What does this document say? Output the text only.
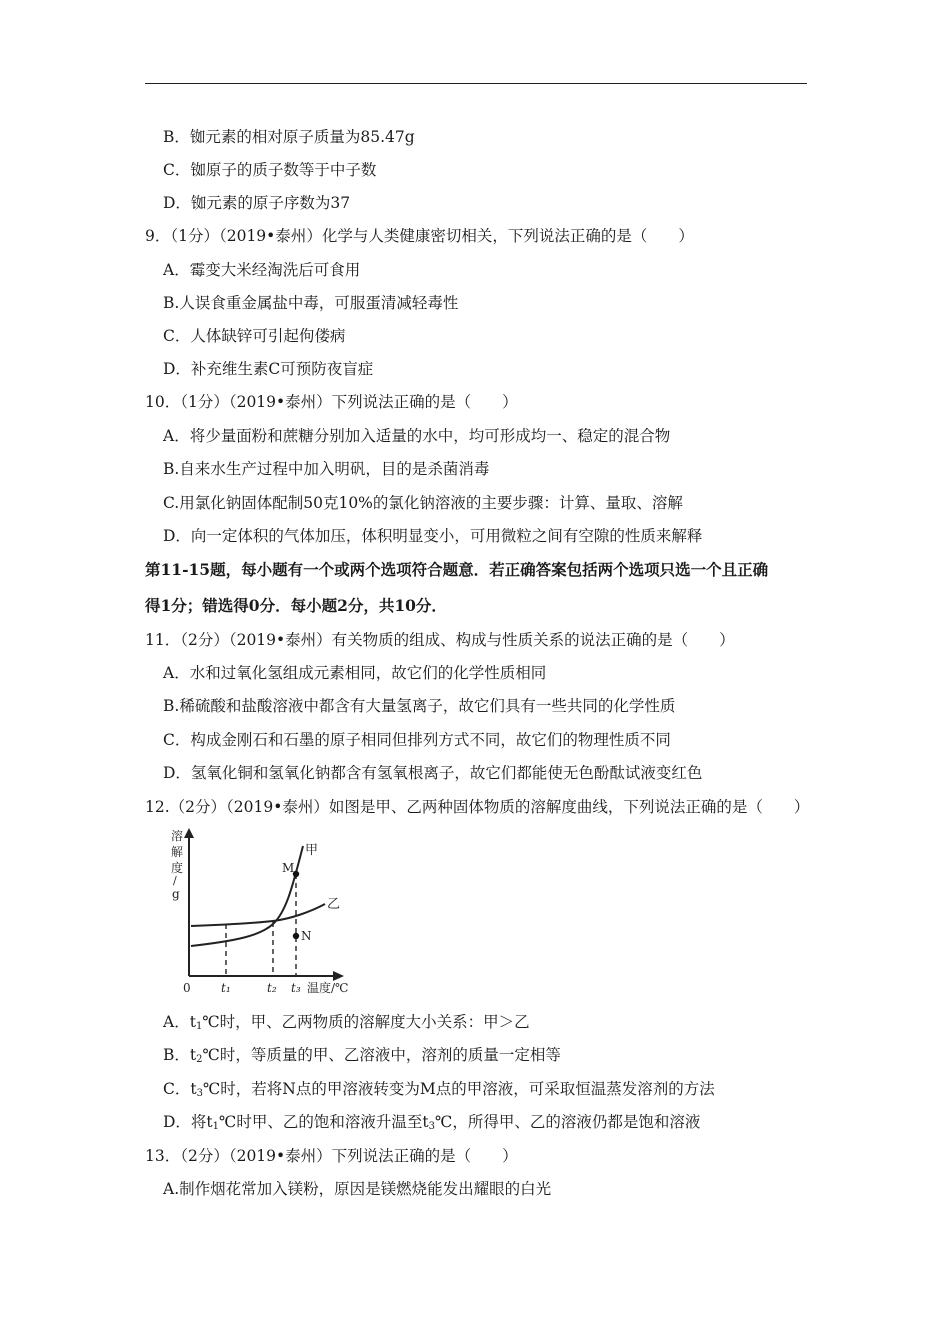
B．铷元素的相对原子质量为85.47g
C．铷原子的质子数等于中子数
D．铷元素的原子序数为37
9．（1分）（2019•泰州）化学与人类健康密切相关，下列说法正确的是（　　）
A．霉变大米经淘洗后可食用
B.人误食重金属盐中毒，可服蛋清减轻毒性
C．人体缺锌可引起佝偻病
D．补充维生素C可预防夜盲症
10．（1分）（2019•泰州）下列说法正确的是（　　）
A．将少量面粉和蔗糖分别加入适量的水中，均可形成均一、稳定的混合物
B.自来水生产过程中加入明矾，目的是杀菌消毒
C.用氯化钠固体配制50克10%的氯化钠溶液的主要步骤：计算、量取、溶解
D．向一定体积的气体加压，体积明显变小，可用微粒之间有空隙的性质来解释
第11-15题，每小题有一个或两个选项符合题意．若正确答案包括两个选项只选一个且正确
得1分；错选得0分．每小题2分，共10分．
11．（2分）（2019•泰州）有关物质的组成、构成与性质关系的说法正确的是（　　）
A．水和过氧化氢组成元素相同，故它们的化学性质相同
B.稀硫酸和盐酸溶液中都含有大量氢离子，故它们具有一些共同的化学性质
C．构成金刚石和石墨的原子相同但排列方式不同，故它们的物理性质不同
D．氢氧化铜和氢氧化钠都含有氢氧根离子，故它们都能使无色酚酞试液变红色
12.（2分）（2019•泰州）如图是甲、乙两种固体物质的溶解度曲线，下列说法正确的是（　　）
溶
解
度
/
g
M
N
甲
乙
0	t₁	t₂ t₃ 温度/℃
A．$t_1℃$时，甲、乙两物质的溶解度大小关系：甲＞乙
B．$t_2℃$时，等质量的甲、乙溶液中，溶剂的质量一定相等
C．$t_3℃$时，若将N点的甲溶液转变为M点的甲溶液，可采取恒温蒸发溶剂的方法
D．将$t_1℃$时甲、乙的饱和溶液升温至$t_3℃$，所得甲、乙的溶液仍都是饱和溶液
13．（2分）（2019•泰州）下列说法正确的是（　　）
A.制作烟花常加入镁粉，原因是镁燃烧能发出耀眼的白光
